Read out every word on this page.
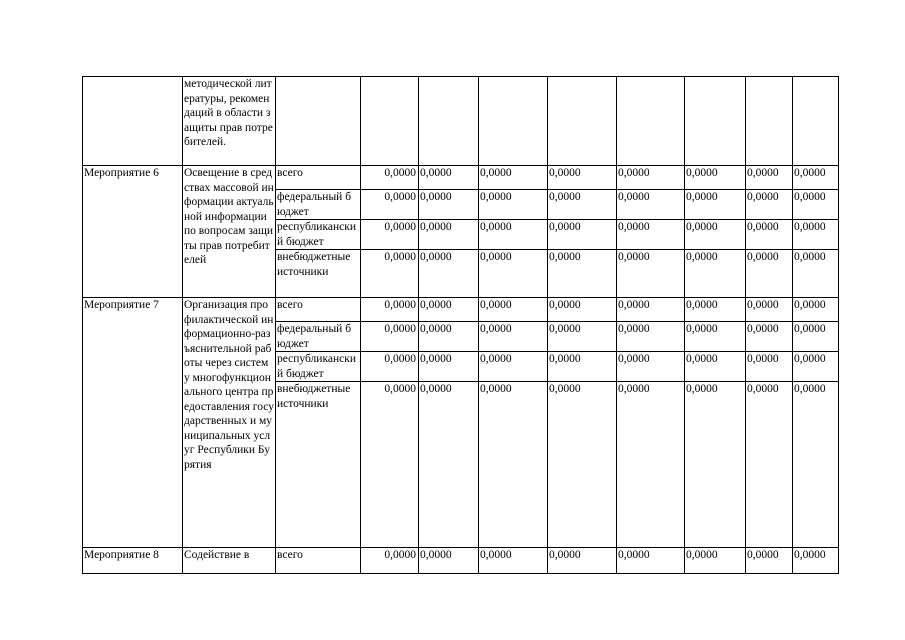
	методической литературы, рекомендаций в области защиты прав потребителей.									
Мероприятие 6	Освещение в средствах массовой информации актуальной информации по вопросам защиты прав потребителей	всего	0,0000	0,0000	0,0000	0,0000	0,0000	0,0000	0,0000	0,0000
		федеральный бюджет	0,0000	0,0000	0,0000	0,0000	0,0000	0,0000	0,0000	0,0000
		республиканский бюджет	0,0000	0,0000	0,0000	0,0000	0,0000	0,0000	0,0000	0,0000
		внебюджетные источники	0,0000	0,0000	0,0000	0,0000	0,0000	0,0000	0,0000	0,0000
Мероприятие 7	Организация профилактической информационно-разъяснительной работы через систему многофункционального центра предоставления государственных и муниципальных услуг Республики Бурятия	всего	0,0000	0,0000	0,0000	0,0000	0,0000	0,0000	0,0000	0,0000
		федеральный бюджет	0,0000	0,0000	0,0000	0,0000	0,0000	0,0000	0,0000	0,0000
		республиканский бюджет	0,0000	0,0000	0,0000	0,0000	0,0000	0,0000	0,0000	0,0000
		внебюджетные источники	0,0000	0,0000	0,0000	0,0000	0,0000	0,0000	0,0000	0,0000
Мероприятие 8	Содействие в	всего	0,0000	0,0000	0,0000	0,0000	0,0000	0,0000	0,0000	0,0000
